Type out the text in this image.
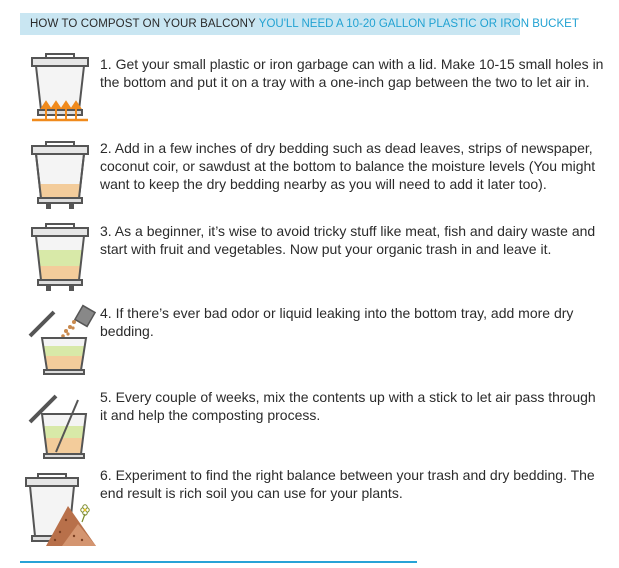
HOW TO COMPOST ON YOUR BALCONY YOU'LL NEED A 10-20 GALLON PLASTIC OR IRON BUCKET
1. Get your small plastic or iron garbage can with a lid. Make 10-15 small holes in the bottom and put it on a tray with a one-inch gap between the two to let air in.
2. Add in a few inches of dry bedding such as dead leaves, strips of newspaper, coconut coir, or sawdust at the bottom to balance the moisture levels (You might want to keep the dry bedding nearby as you will need to add it later too).
3. As a beginner, it’s wise to avoid tricky stuff like meat, fish and dairy waste and start with fruit and vegetables. Now put your organic trash in and leave it.
4. If there’s ever bad odor or liquid leaking into the bottom tray, add more dry bedding.
5. Every couple of weeks, mix the contents up with a stick to let air pass through it and help the composting process.
6. Experiment to find the right balance between your trash and dry bedding. The end result is rich soil you can use for your plants.
